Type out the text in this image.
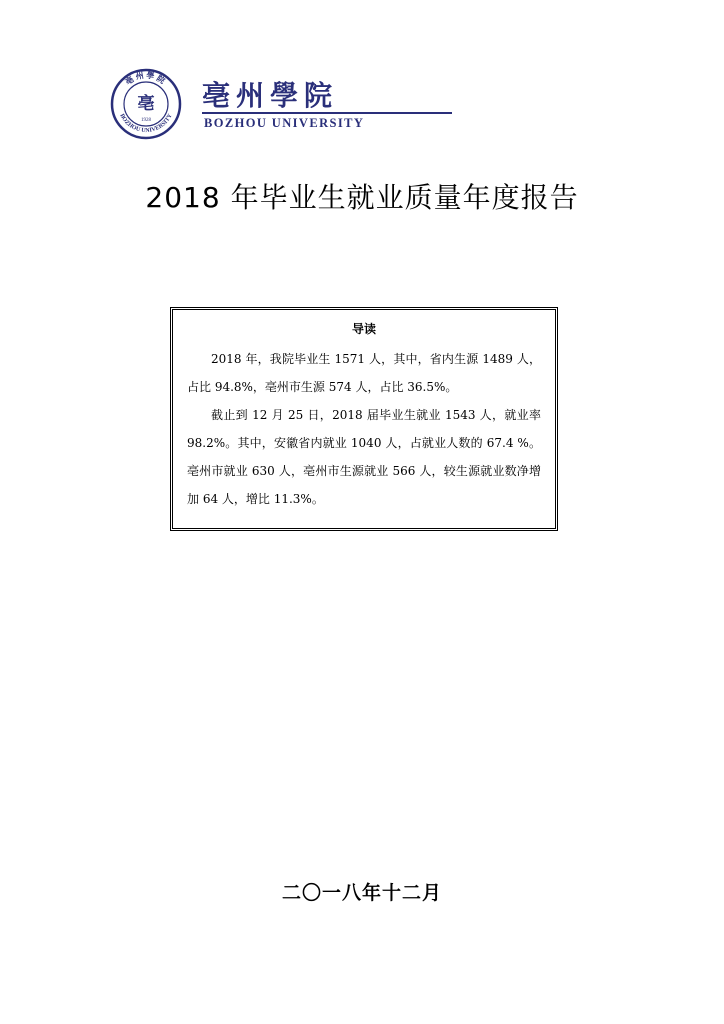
亳州學院
BOZHOU UNIVERSITY
亳
1928
亳州學院
BOZHOU UNIVERSITY
2018 年毕业生就业质量年度报告
导读

2018 年，我院毕业生 1571 人，其中，省内生源 1489 人，占比 94.8%，亳州市生源 574 人，占比 36.5%。

截止到 12 月 25 日，2018 届毕业生就业 1543 人，就业率 98.2%。其中，安徽省内就业 1040 人，占就业人数的 67.4 %。亳州市就业 630 人，亳州市生源就业 566 人，较生源就业数净增加 64 人，增比 11.3%。

二〇一八年十二月
